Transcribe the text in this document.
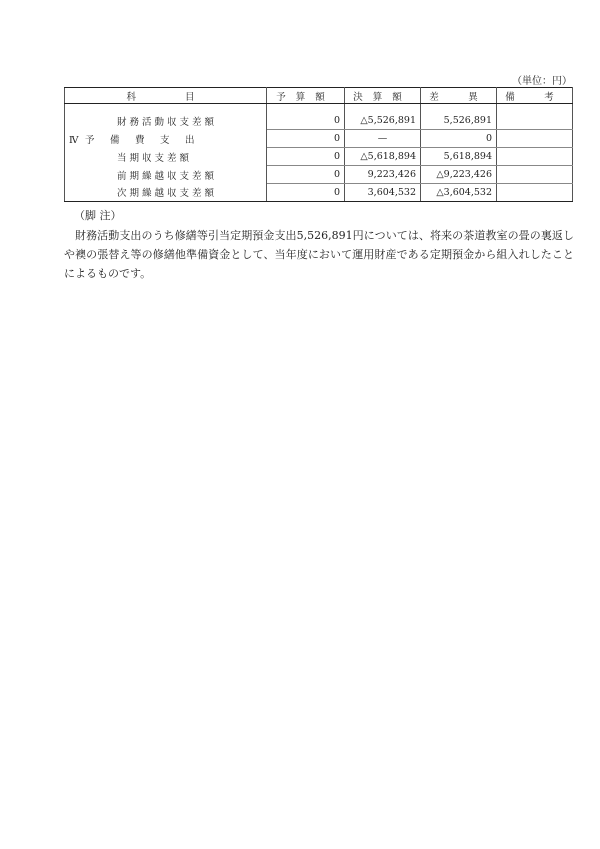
（単位：円）
科　　目	予算額	決算額	差　異	備　考
財務活動収支差額	0	△5,526,891	5,526,891	
Ⅳ 予　備　費　支　出	0	—	0	
当期収支差額	0	△5,618,894	5,618,894	
前期繰越収支差額	0	9,223,426	△9,223,426	
次期繰越収支差額	0	3,604,532	△3,604,532	
（脚 注）
財務活動支出のうち修繕等引当定期預金支出5,526,891円については、将来の茶道教室の畳の裏返しや襖の張替え等の修繕他準備資金として、当年度において運用財産である定期預金から組入れしたことによるものです。
